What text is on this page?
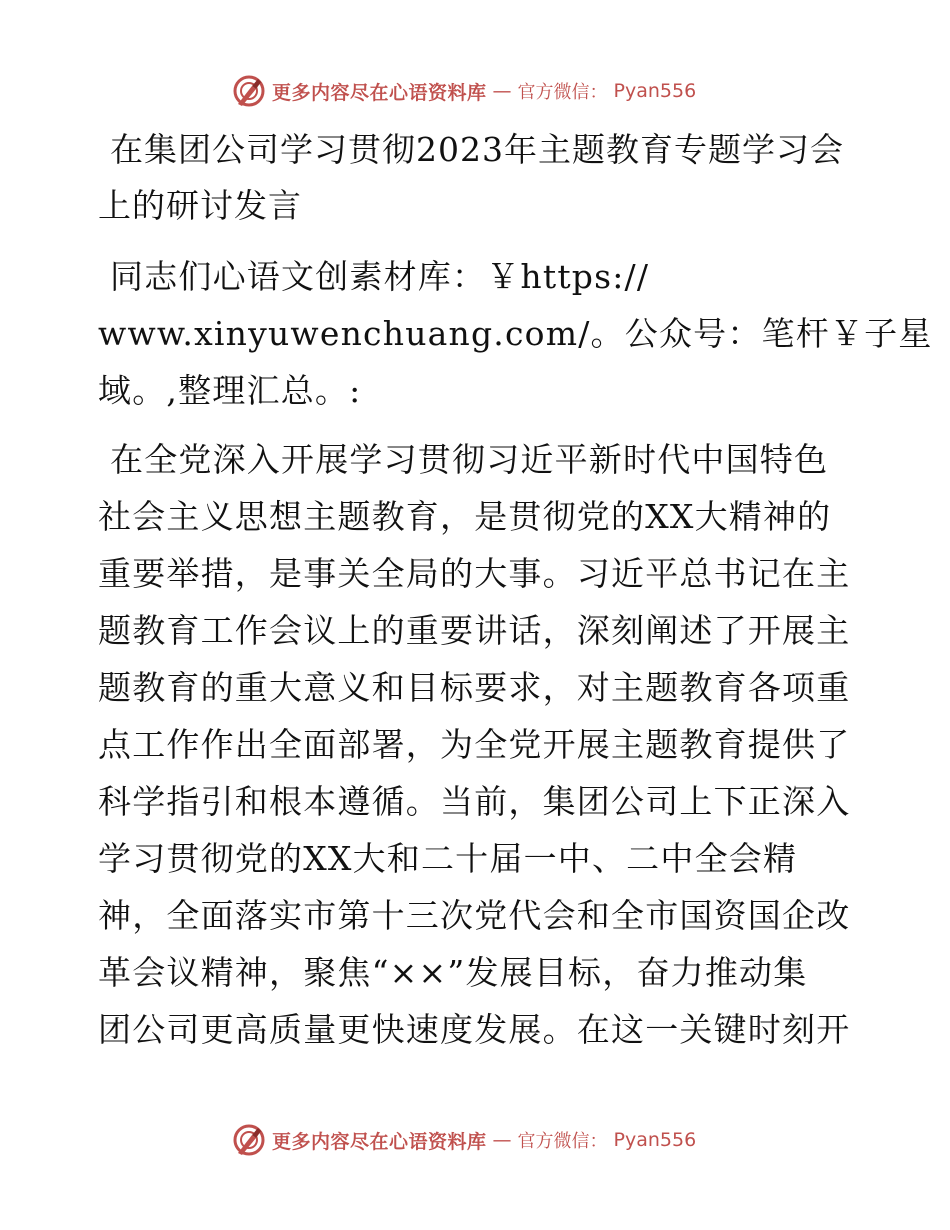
更多内容尽在心语资料库 — 官方微信： Pyan556
在集团公司学习贯彻2023年主题教育专题学习会
上的研讨发言

同志们心语文创素材库：￥https://
www.xinyuwenchuang.com/。公众号：笔杆￥子星
域。,整理汇总。:

在全党深入开展学习贯彻习近平新时代中国特色
社会主义思想主题教育，是贯彻党的XX大精神的
重要举措，是事关全局的大事。习近平总书记在主
题教育工作会议上的重要讲话，深刻阐述了开展主
题教育的重大意义和目标要求，对主题教育各项重
点工作作出全面部署，为全党开展主题教育提供了
科学指引和根本遵循。当前，集团公司上下正深入
学习贯彻党的XX大和二十届一中、二中全会精
神，全面落实市第十三次党代会和全市国资国企改
革会议精神，聚焦“××”发展目标，奋力推动集
团公司更高质量更快速度发展。在这一关键时刻开

更多内容尽在心语资料库 — 官方微信： Pyan556
